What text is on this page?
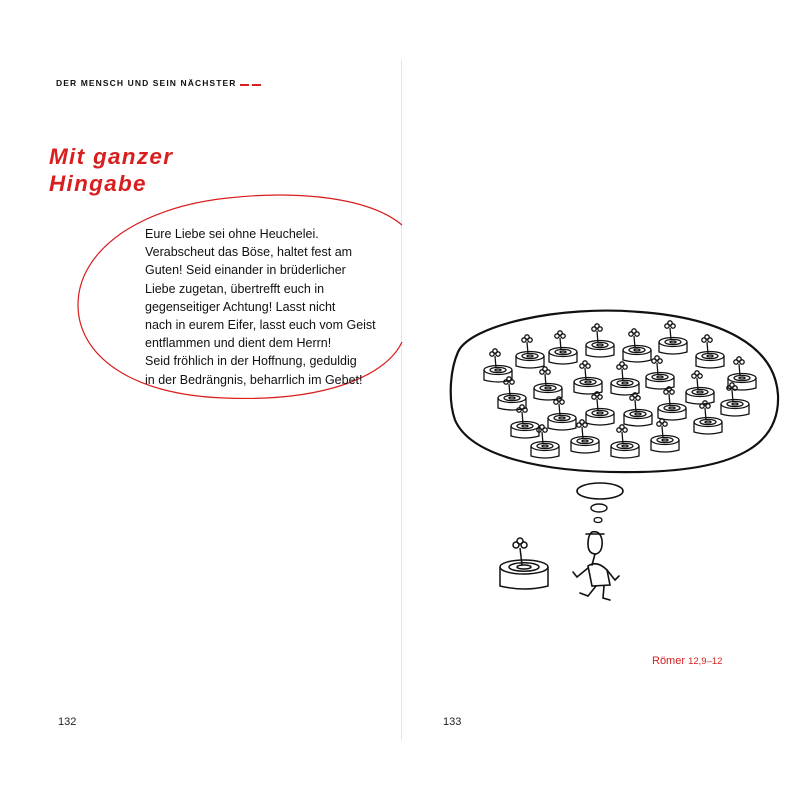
DER MENSCH UND SEIN NÄCHSTER
Mit ganzer
Hingabe
Eure Liebe sei ohne Heuchelei.
Verabscheut das Böse, haltet fest am
Guten! Seid einander in brüderlicher
Liebe zugetan, übertrefft euch in
gegenseitiger Achtung! Lasst nicht
nach in eurem Eifer, lasst euch vom Geist
entflammen und dient dem Herrn!
Seid fröhlich in der Hoffnung, geduldig
in der Bedrängnis, beharrlich im Gebet!
132
Römer 12,9–12
133
